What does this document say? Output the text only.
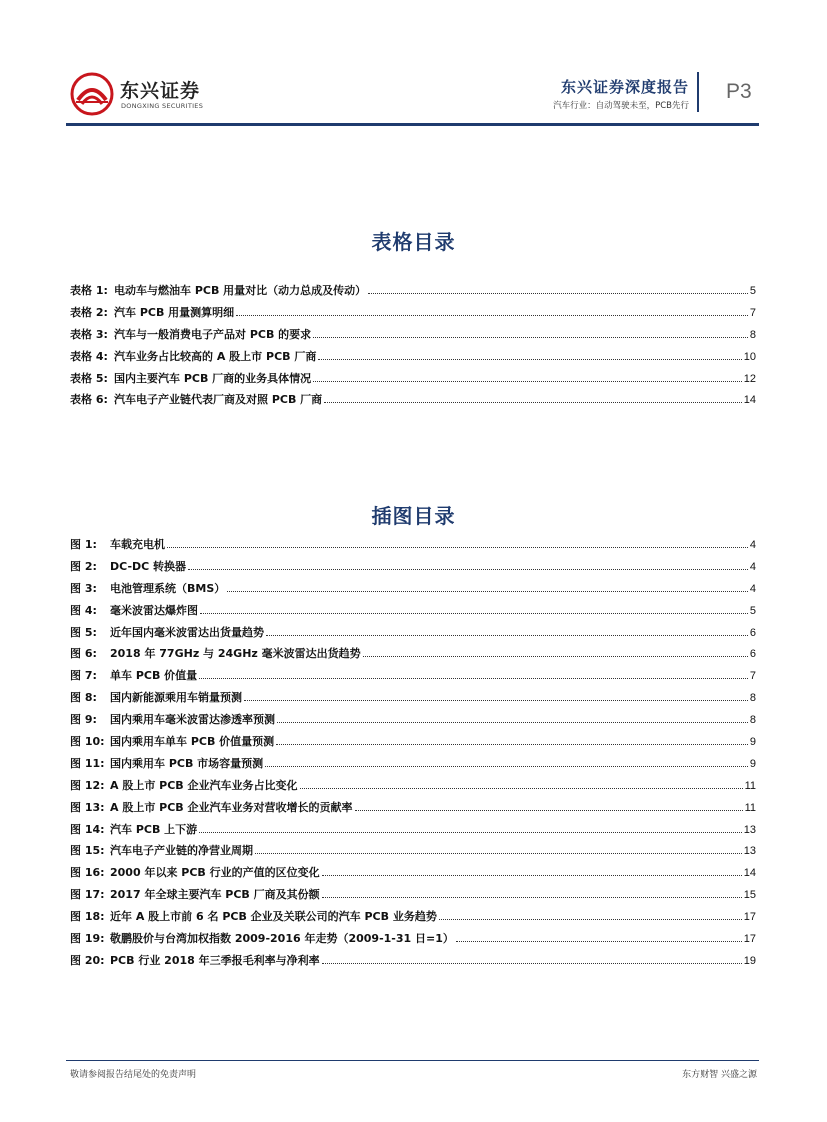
东兴证券
DONGXING SECURITIES
东兴证券深度报告
汽车行业：自动驾驶未至，PCB先行
P3
表格目录
表格 1: 电动车与燃油车 PCB 用量对比（动力总成及传动）	5
表格 2: 汽车 PCB 用量测算明细	7
表格 3: 汽车与一般消费电子产品对 PCB 的要求	8
表格 4: 汽车业务占比较高的 A 股上市 PCB 厂商	10
表格 5: 国内主要汽车 PCB 厂商的业务具体情况	12
表格 6: 汽车电子产业链代表厂商及对照 PCB 厂商	14
插图目录
图 1:	车载充电机	4
图 2:	DC-DC 转换器	4
图 3:	电池管理系统（BMS）	4
图 4:	毫米波雷达爆炸图	5
图 5:	近年国内毫米波雷达出货量趋势	6
图 6:	2018 年 77GHz 与 24GHz 毫米波雷达出货趋势	6
图 7:	单车 PCB 价值量	7
图 8:	国内新能源乘用车销量预测	8
图 9:	国内乘用车毫米波雷达渗透率预测	8
图 10: 国内乘用车单车 PCB 价值量预测	9
图 11: 国内乘用车 PCB 市场容量预测	9
图 12: A 股上市 PCB 企业汽车业务占比变化	11
图 13: A 股上市 PCB 企业汽车业务对营收增长的贡献率	11
图 14: 汽车 PCB 上下游	13
图 15: 汽车电子产业链的净营业周期	13
图 16: 2000 年以来 PCB 行业的产值的区位变化	14
图 17: 2017 年全球主要汽车 PCB 厂商及其份额	15
图 18: 近年 A 股上市前 6 名 PCB 企业及关联公司的汽车 PCB 业务趋势	17
图 19: 敬鹏股价与台湾加权指数 2009-2016 年走势（2009-1-31 日=1）	17
图 20: PCB 行业 2018 年三季报毛利率与净利率	19
敬请参阅报告结尾处的免责声明	东方财智 兴盛之源
